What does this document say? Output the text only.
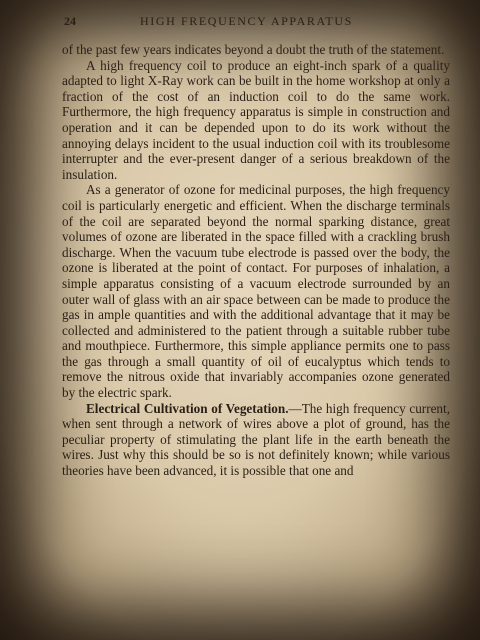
24	HIGH FREQUENCY APPARATUS

of the past few years indicates beyond a doubt the truth of the statement.

A high frequency coil to produce an eight-inch spark of a quality adapted to light X-Ray work can be built in the home workshop at only a fraction of the cost of an induction coil to do the same work. Furthermore, the high frequency apparatus is simple in construction and operation and it can be depended upon to do its work without the annoying delays incident to the usual induction coil with its troublesome interrupter and the ever-present danger of a serious breakdown of the insulation.

As a generator of ozone for medicinal purposes, the high frequency coil is particularly energetic and efficient. When the discharge terminals of the coil are separated beyond the normal sparking distance, great volumes of ozone are liberated in the space filled with a crackling brush discharge. When the vacuum tube electrode is passed over the body, the ozone is liberated at the point of contact. For purposes of inhalation, a simple apparatus consisting of a vacuum electrode surrounded by an outer wall of glass with an air space between can be made to produce the gas in ample quantities and with the additional advantage that it may be collected and administered to the patient through a suitable rubber tube and mouthpiece. Furthermore, this simple appliance permits one to pass the gas through a small quantity of oil of eucalyptus which tends to remove the nitrous oxide that invariably accompanies ozone generated by the electric spark.

Electrical Cultivation of Vegetation.—The high frequency current, when sent through a network of wires above a plot of ground, has the peculiar property of stimulating the plant life in the earth beneath the wires. Just why this should be so is not definitely known; while various theories have been advanced, it is possible that one and
